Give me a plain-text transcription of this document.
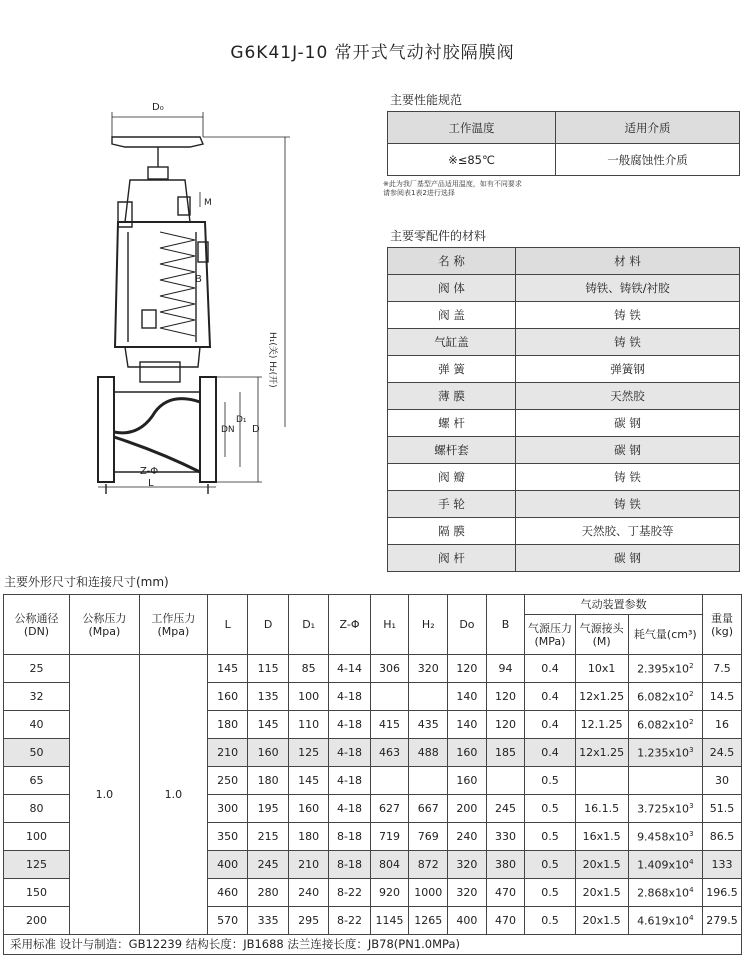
G6K41J-10 常开式气动衬胶隔膜阀
D₀
M
B
H₁(关) H₂(开)
DN
D₁
D
Z-Φ
L
主要性能规范
工作温度	适用介质
※≤85℃	一般腐蚀性介质
※此为我厂基型产品适用温度，如有不同要求
请参阅表1表2进行选择
主要零配件的材料
名 称	材 料
阀 体	铸铁、铸铁/衬胶
阀 盖	铸 铁
气缸盖	铸 铁
弹 簧	弹簧钢
薄 膜	天然胶
螺 杆	碳 钢
螺杆套	碳 钢
阀 瓣	铸 铁
手 轮	铸 铁
隔 膜	天然胶、丁基胶等
阀 杆	碳 钢
主要外形尺寸和连接尺寸(mm)
公称通径(DN)	公称压力(Mpa)	工作压力(Mpa)	L	D	D₁	Z-Φ	H₁	H₂	Do	B	气动装置参数			重量(kg)
											气源压力(MPa)	气源接头(M)	耗气量(cm³)	
25	1.0	1.0	145	115	85	4-14	306	320	120	94	0.4	10x1	$2.395x10^2$	7.5
32			160	135	100	4-18			140	120	0.4	12x1.25	$6.082x10^2$	14.5
40			180	145	110	4-18	415	435	140	120	0.4	12.1.25	$6.082x10^2$	16
50			210	160	125	4-18	463	488	160	185	0.4	12x1.25	$1.235x10^3$	24.5
65			250	180	145	4-18			160		0.5			30
80			300	195	160	4-18	627	667	200	245	0.5	16.1.5	$3.725x10^3$	51.5
100			350	215	180	8-18	719	769	240	330	0.5	16x1.5	$9.458x10^3$	86.5
125			400	245	210	8-18	804	872	320	380	0.5	20x1.5	$1.409x10^4$	133
150			460	280	240	8-22	920	1000	320	470	0.5	20x1.5	$2.868x10^4$	196.5
200			570	335	295	8-22	1145	1265	400	470	0.5	20x1.5	$4.619x10^4$	279.5
采用标准 设计与制造：GB12239 结构长度：JB1688 法兰连接长度：JB78(PN1.0MPa)
